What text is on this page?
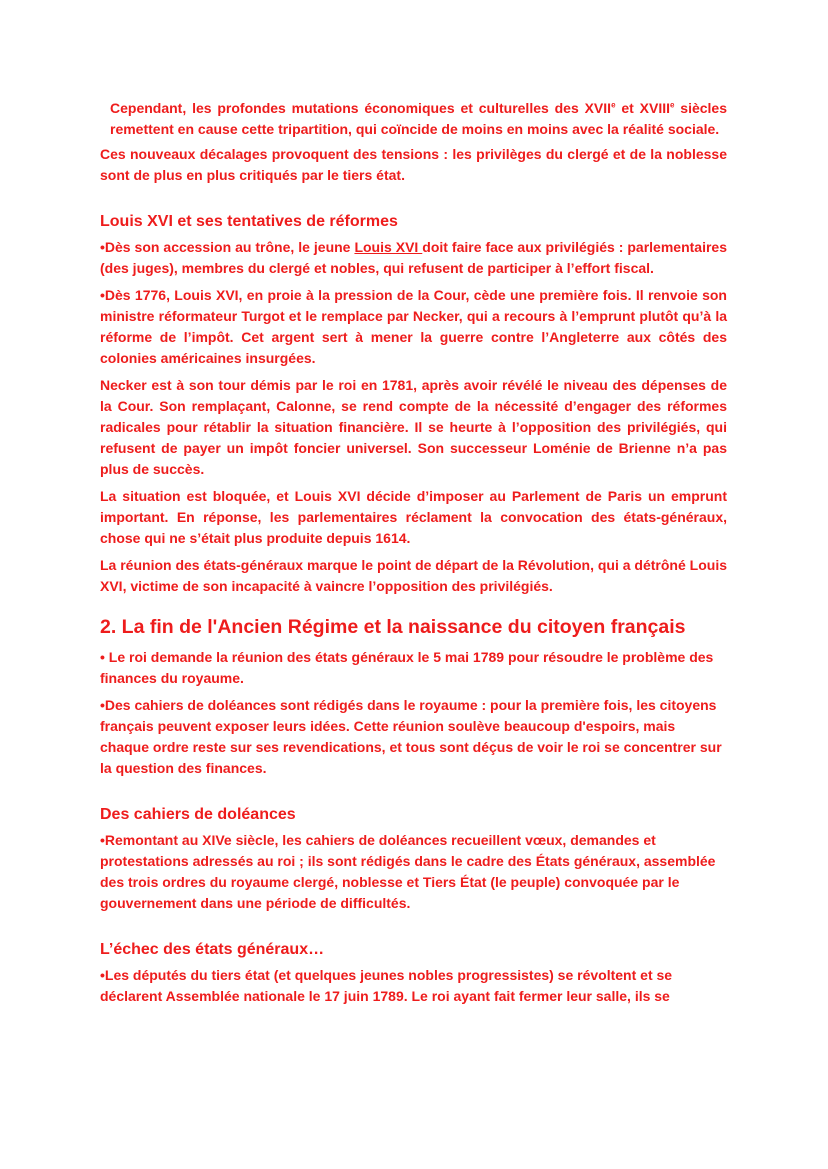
Cependant, les profondes mutations économiques et culturelles des XVIIe et XVIIIe siècles remettent en cause cette tripartition, qui coïncide de moins en moins avec la réalité sociale.

Ces nouveaux décalages provoquent des tensions : les privilèges du clergé et de la noblesse sont de plus en plus critiqués par le tiers état.

Louis XVI et ses tentatives de réformes

•Dès son accession au trône, le jeune Louis XVI doit faire face aux privilégiés : parlementaires (des juges), membres du clergé et nobles, qui refusent de participer à l’effort fiscal.

•Dès 1776, Louis XVI, en proie à la pression de la Cour, cède une première fois. Il renvoie son ministre réformateur Turgot et le remplace par Necker, qui a recours à l’emprunt plutôt qu’à la réforme de l’impôt. Cet argent sert à mener la guerre contre l’Angleterre aux côtés des colonies américaines insurgées.

Necker est à son tour démis par le roi en 1781, après avoir révélé le niveau des dépenses de la Cour. Son remplaçant, Calonne, se rend compte de la nécessité d’engager des réformes radicales pour rétablir la situation financière. Il se heurte à l’opposition des privilégiés, qui refusent de payer un impôt foncier universel. Son successeur Loménie de Brienne n’a pas plus de succès.

La situation est bloquée, et Louis XVI décide d’imposer au Parlement de Paris un emprunt important. En réponse, les parlementaires réclament la convocation des états-généraux, chose qui ne s’était plus produite depuis 1614.

La réunion des états-généraux marque le point de départ de la Révolution, qui a détrôné Louis XVI, victime de son incapacité à vaincre l’opposition des privilégiés.

2. La fin de l'Ancien Régime et la naissance du citoyen français

• Le roi demande la réunion des états généraux le 5 mai 1789 pour résoudre le problème des finances du royaume.

•Des cahiers de doléances sont rédigés dans le royaume : pour la première fois, les citoyens français peuvent exposer leurs idées. Cette réunion soulève beaucoup d'espoirs, mais chaque ordre reste sur ses revendications, et tous sont déçus de voir le roi se concentrer sur la question des finances.

Des cahiers de doléances

•Remontant au XIVe siècle, les cahiers de doléances recueillent vœux, demandes et protestations adressés au roi ; ils sont rédigés dans le cadre des États généraux, assemblée des trois ordres du royaume clergé, noblesse et Tiers État (le peuple) convoquée par le gouvernement dans une période de difficultés.

L’échec des états généraux…

•Les députés du tiers état (et quelques jeunes nobles progressistes) se révoltent et se déclarent Assemblée nationale le 17 juin 1789. Le roi ayant fait fermer leur salle, ils se
